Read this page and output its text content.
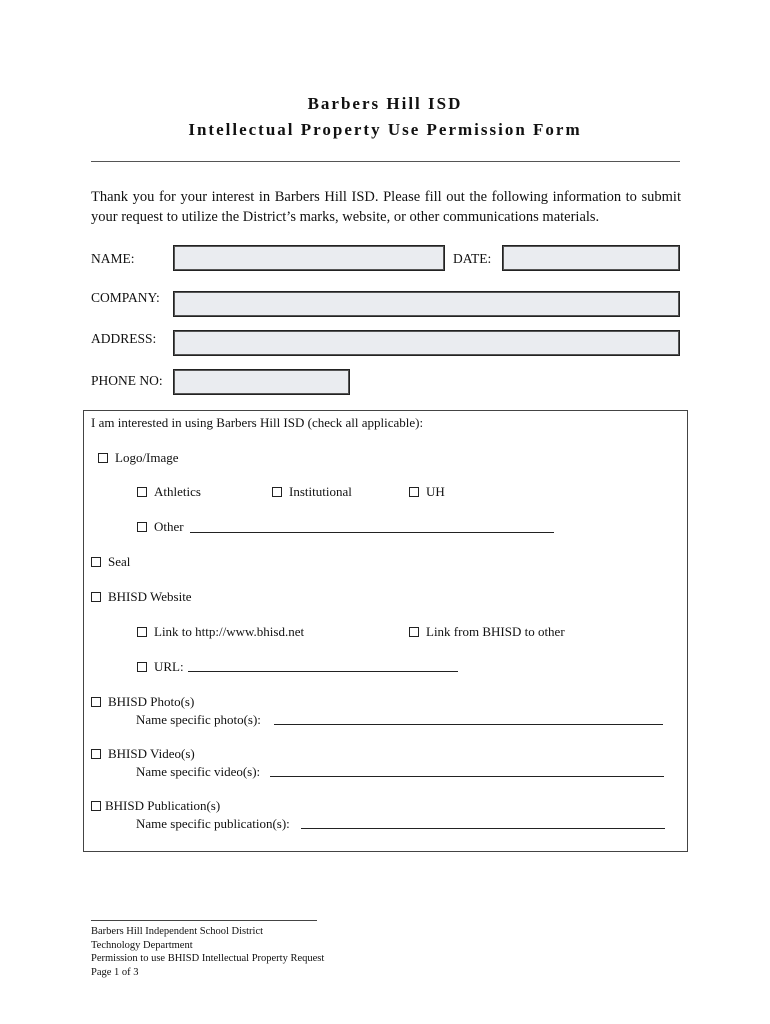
Barbers Hill ISD
Intellectual Property Use Permission Form
Thank you for your interest in Barbers Hill ISD. Please fill out the following information to submit your request to utilize the District’s marks, website, or other communications materials.
NAME:	DATE:
COMPANY:
ADDRESS:
PHONE NO:
I am interested in using Barbers Hill ISD (check all applicable):
Logo/Image
Athletics	Institutional	UH
Other
Seal
BHISD Website
Link to http://www.bhisd.net	Link from BHISD to other
URL:
BHISD Photo(s)
Name specific photo(s):
BHISD Video(s)
Name specific video(s):
BHISD Publication(s)
Name specific publication(s):
Barbers Hill Independent School District
Technology Department
Permission to use BHISD Intellectual Property Request
Page 1 of 3
